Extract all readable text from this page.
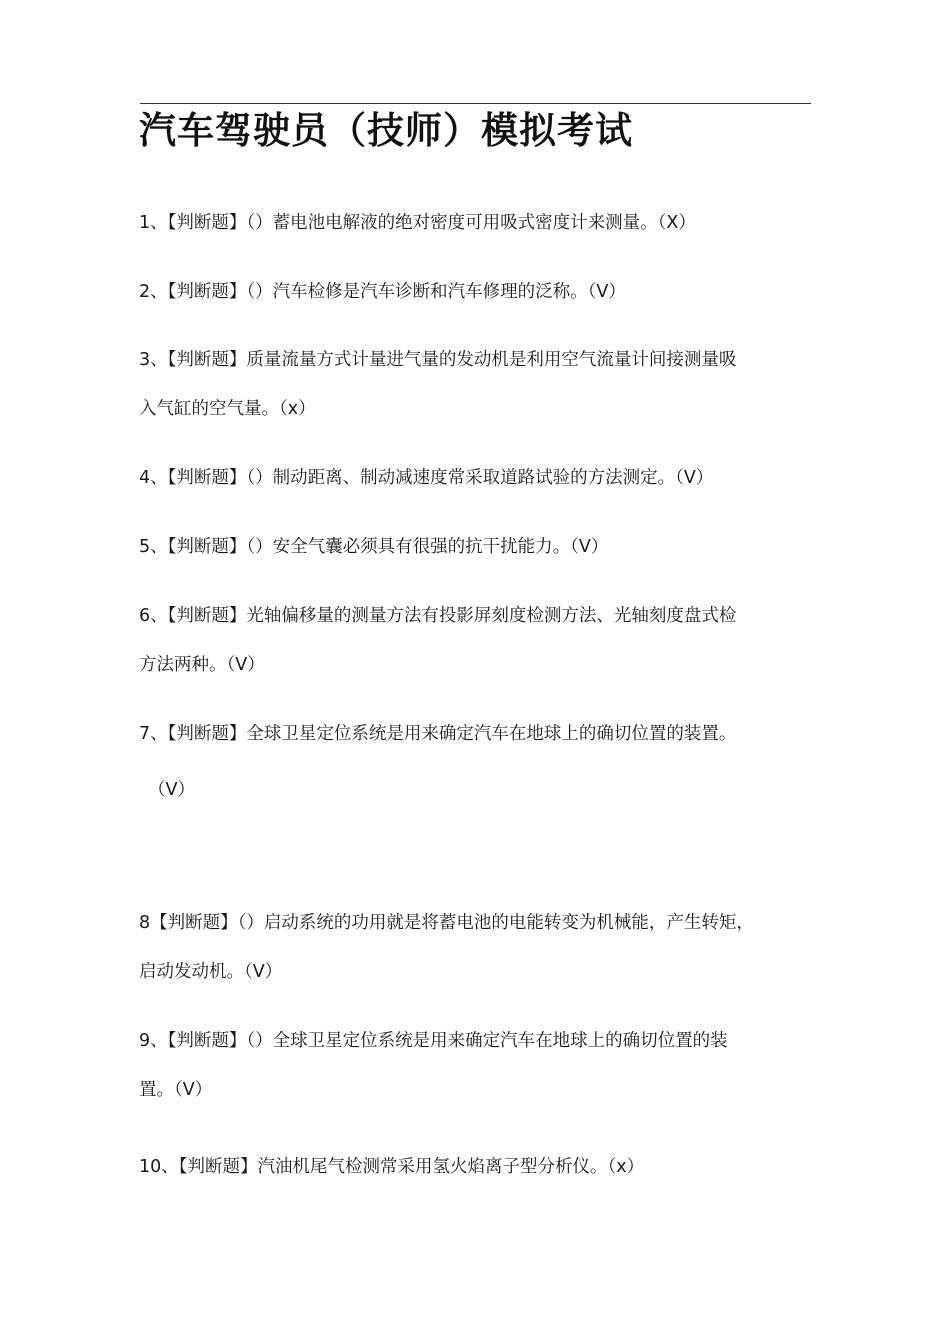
汽车驾驶员（技师）模拟考试

1、【判断题】（）蓄电池电解液的绝对密度可用吸式密度计来测量。（X）

2、【判断题】（）汽车检修是汽车诊断和汽车修理的泛称。（V）

3、【判断题】质量流量方式计量进气量的发动机是利用空气流量计间接测量吸

入气缸的空气量。（x）

4、【判断题】（）制动距离、制动减速度常采取道路试验的方法测定。（V）

5、【判断题】（）安全气囊必须具有很强的抗干扰能力。（V）

6、【判断题】光轴偏移量的测量方法有投影屏刻度检测方法、光轴刻度盘式检

方法两种。（V）

7、【判断题】全球卫星定位系统是用来确定汽车在地球上的确切位置的装置。

（V）

8【判断题】（）启动系统的功用就是将蓄电池的电能转变为机械能，产生转矩，

启动发动机。（V）

9、【判断题】（）全球卫星定位系统是用来确定汽车在地球上的确切位置的装

置。（V）

10、【判断题】汽油机尾气检测常采用氢火焰离子型分析仪。（x）
